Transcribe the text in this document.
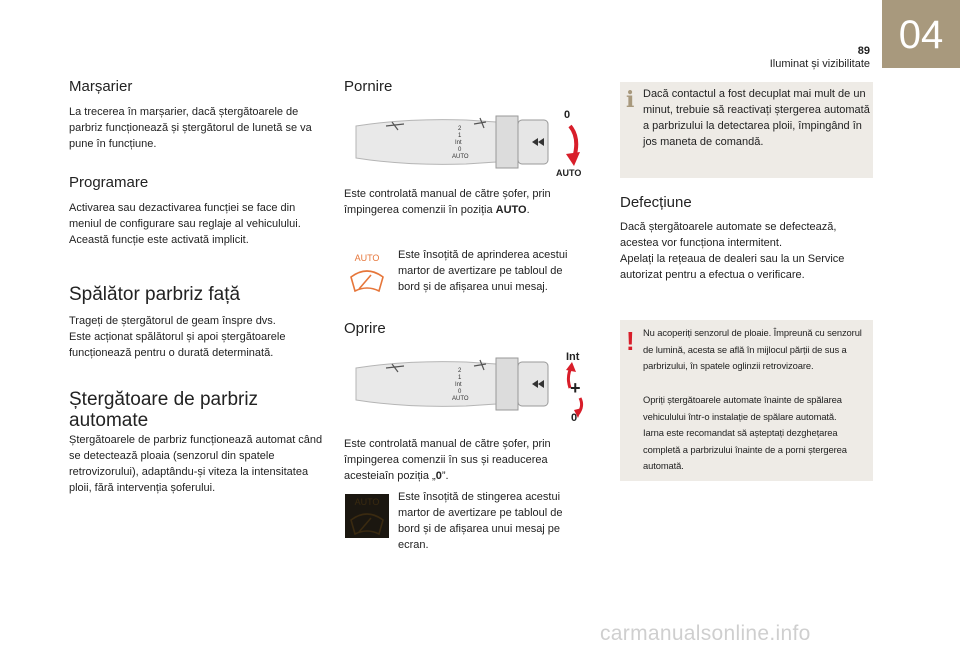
04
89
Iluminat și vizibilitate
Marșarier

La trecerea în marșarier, dacă ștergătoarele de parbriz funcționează și ștergătorul de lunetă se va pune în funcțiune.

Programare

Activarea sau dezactivarea funcției se face din meniul de configurare sau reglaje al vehiculului. Această funcție este activată implicit.

Spălător parbriz față

Trageți de ștergătorul de geam înspre dvs.

Este acționat spălătorul și apoi ștergătoarele funcționează pentru o durată determinată.

Ștergătoare de parbriz
automate

Ștergătoarele de parbriz funcționează automat când se detectează ploaia (senzorul din spatele retrovizorului), adaptându-și viteza la intensitatea ploii, fără intervenția șoferului.

Pornire
2
1
Int
0
AUTO
0
AUTO

Este controlată manual de către șofer, prin împingerea comenzii în poziția AUTO.

AUTO Este însoțită de aprinderea acestui martor de avertizare pe tabloul de bord și de afișarea unui mesaj.

Oprire
2
1
Int
0
AUTO
Int
+
0

Este controlată manual de către șofer, prin împingerea comenzii în sus și readucerea acesteiaîn poziția „0”.

AUTO Este însoțită de stingerea acestui martor de avertizare pe tabloul de bord și de afișarea unui mesaj pe ecran.

i Dacă contactul a fost decuplat mai mult de un minut, trebuie să reactivați ștergerea automată a parbrizului la detectarea ploii, împingând în jos maneta de comandă.

Defecțiune

Dacă ștergătoarele automate se defectează, acestea vor funcționa intermitent.

Apelați la rețeaua de dealeri sau la un Service autorizat pentru a efectua o verificare.

! Nu acoperiți senzorul de ploaie. Împreună cu senzorul de lumină, acesta se află în mijlocul părții de sus a parbrizului, în spatele oglinzii retrovizoare.

Opriți ștergătoarele automate înainte de spălarea vehiculului într-o instalație de spălare automată.

Iarna este recomandat să așteptați dezghețarea completă a parbrizului înainte de a porni ștergerea automată.

carmanualsonline.info
